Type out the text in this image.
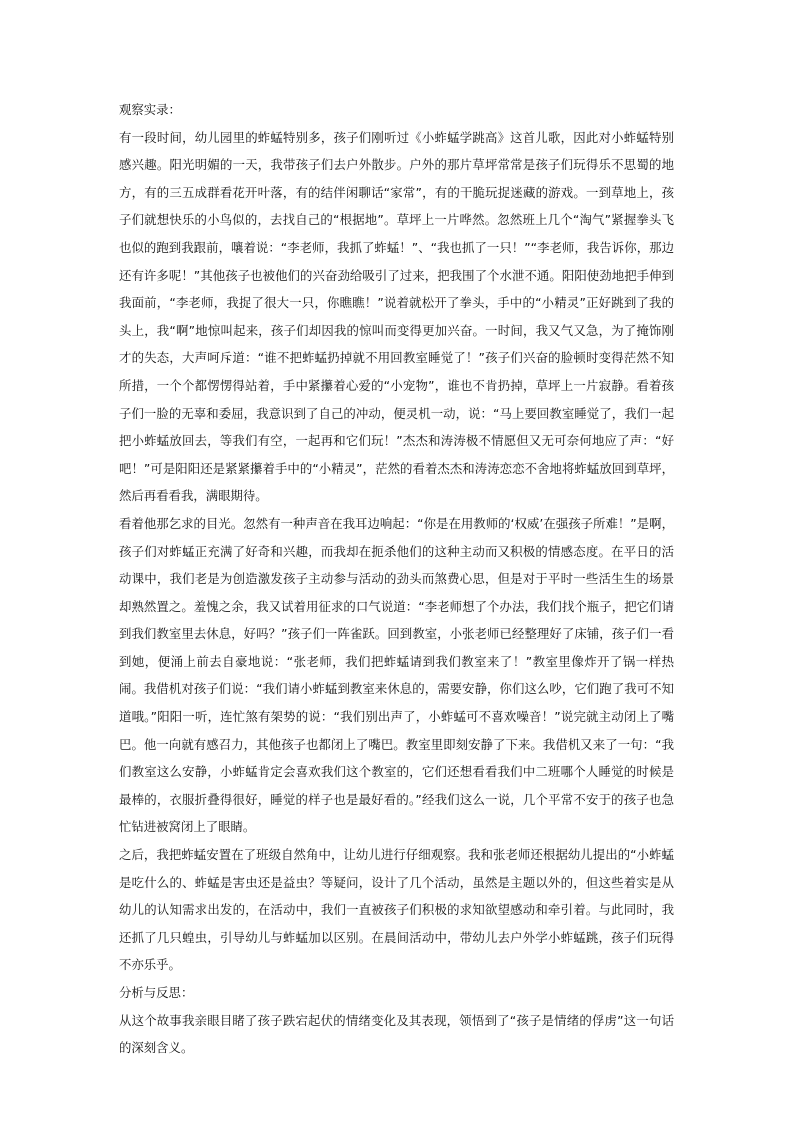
观察实录：

有一段时间，幼儿园里的蚱蜢特别多，孩子们刚听过《小蚱蜢学跳高》这首儿歌，因此对小蚱蜢特别感兴趣。阳光明媚的一天，我带孩子们去户外散步。户外的那片草坪常常是孩子们玩得乐不思蜀的地方，有的三五成群看花开叶落，有的结伴闲聊话“家常”，有的干脆玩捉迷藏的游戏。一到草地上，孩子们就想快乐的小鸟似的，去找自己的“根据地”。草坪上一片哗然。忽然班上几个“淘气”紧握拳头飞也似的跑到我跟前，嚷着说：“李老师，我抓了蚱蜢！”、“我也抓了一只！”“李老师，我告诉你，那边还有许多呢！”其他孩子也被他们的兴奋劲给吸引了过来，把我围了个水泄不通。阳阳使劲地把手伸到我面前，“李老师，我捉了很大一只，你瞧瞧！”说着就松开了拳头，手中的“小精灵”正好跳到了我的头上，我“啊”地惊叫起来，孩子们却因我的惊叫而变得更加兴奋。一时间，我又气又急，为了掩饰刚才的失态，大声呵斥道：“谁不把蚱蜢扔掉就不用回教室睡觉了！”孩子们兴奋的脸顿时变得茫然不知所措，一个个都愣愣得站着，手中紧攥着心爱的“小宠物”，谁也不肯扔掉，草坪上一片寂静。看着孩子们一脸的无辜和委屈，我意识到了自己的冲动，便灵机一动，说：“马上要回教室睡觉了，我们一起把小蚱蜢放回去，等我们有空，一起再和它们玩！”杰杰和涛涛极不情愿但又无可奈何地应了声：“好吧！”可是阳阳还是紧紧攥着手中的“小精灵”，茫然的看着杰杰和涛涛恋恋不舍地将蚱蜢放回到草坪，然后再看看我，满眼期待。

看着他那乞求的目光。忽然有一种声音在我耳边响起：“你是在用教师的‘权威’在强孩子所难！”是啊，孩子们对蚱蜢正充满了好奇和兴趣，而我却在扼杀他们的这种主动而又积极的情感态度。在平日的活动课中，我们老是为创造激发孩子主动参与活动的劲头而煞费心思，但是对于平时一些活生生的场景却熟然置之。羞愧之余，我又试着用征求的口气说道：“李老师想了个办法，我们找个瓶子，把它们请到我们教室里去休息，好吗？”孩子们一阵雀跃。回到教室，小张老师已经整理好了床铺，孩子们一看到她，便涌上前去自豪地说：“张老师，我们把蚱蜢请到我们教室来了！”教室里像炸开了锅一样热闹。我借机对孩子们说：“我们请小蚱蜢到教室来休息的，需要安静，你们这么吵，它们跑了我可不知道哦。”阳阳一听，连忙煞有架势的说：“我们别出声了，小蚱蜢可不喜欢噪音！”说完就主动闭上了嘴巴。他一向就有感召力，其他孩子也都闭上了嘴巴。教室里即刻安静了下来。我借机又来了一句：“我们教室这么安静，小蚱蜢肯定会喜欢我们这个教室的，它们还想看看我们中二班哪个人睡觉的时候是最棒的，衣服折叠得很好，睡觉的样子也是最好看的。”经我们这么一说，几个平常不安于的孩子也急忙钻进被窝闭上了眼睛。

之后，我把蚱蜢安置在了班级自然角中，让幼儿进行仔细观察。我和张老师还根据幼儿提出的“小蚱蜢是吃什么的、蚱蜢是害虫还是益虫？等疑问，设计了几个活动，虽然是主题以外的，但这些着实是从幼儿的认知需求出发的，在活动中，我们一直被孩子们积极的求知欲望感动和牵引着。与此同时，我还抓了几只蝗虫，引导幼儿与蚱蜢加以区别。在晨间活动中，带幼儿去户外学小蚱蜢跳，孩子们玩得不亦乐乎。

分析与反思：

从这个故事我亲眼目睹了孩子跌宕起伏的情绪变化及其表现，领悟到了“孩子是情绪的俘虏”这一句话的深刻含义。
